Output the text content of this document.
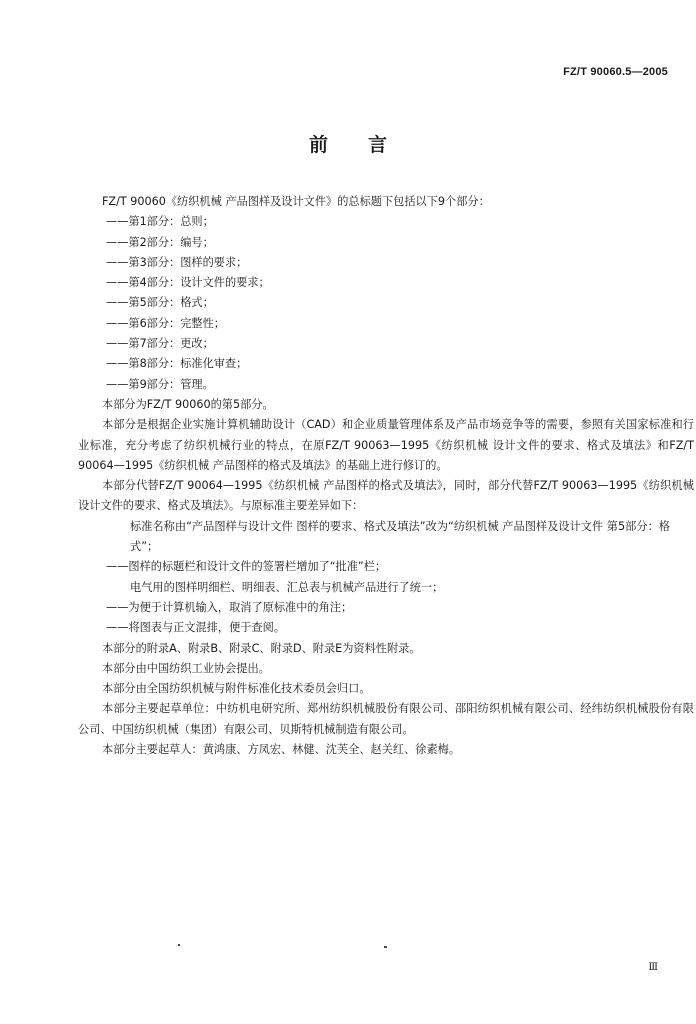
FZ/T 90060.5—2005
前言
FZ/T 90060《纺织机械 产品图样及设计文件》的总标题下包括以下9个部分：
——第1部分：总则；
——第2部分：编号；
——第3部分：图样的要求；
——第4部分：设计文件的要求；
——第5部分：格式；
——第6部分：完整性；
——第7部分：更改；
——第8部分：标准化审查；
——第9部分：管理。
本部分为FZ/T 90060的第5部分。
本部分是根据企业实施计算机辅助设计（CAD）和企业质量管理体系及产品市场竞争等的需要，参照有关国家标准和行业标准，充分考虑了纺织机械行业的特点，在原FZ/T 90063—1995《纺织机械 设计文件的要求、格式及填法》和FZ/T 90064—1995《纺织机械 产品图样的格式及填法》的基础上进行修订的。
本部分代替FZ/T 90064—1995《纺织机械 产品图样的格式及填法》，同时，部分代替FZ/T 90063—1995《纺织机械 设计文件的要求、格式及填法》。与原标准主要差异如下：
标准名称由“产品图样与设计文件 图样的要求、格式及填法”改为“纺织机械 产品图样及设计文件 第5部分：格式”；
——图样的标题栏和设计文件的签署栏增加了“批准”栏；
电气用的图样明细栏、明细表、汇总表与机械产品进行了统一；
——为便于计算机输入，取消了原标准中的角注；
——将图表与正文混排，便于查阅。
本部分的附录A、附录B、附录C、附录D、附录E为资料性附录。
本部分由中国纺织工业协会提出。
本部分由全国纺织机械与附件标准化技术委员会归口。
本部分主要起草单位：中纺机电研究所、郑州纺织机械股份有限公司、邵阳纺织机械有限公司、经纬纺织机械股份有限公司、中国纺织机械（集团）有限公司、贝斯特机械制造有限公司。
本部分主要起草人：黄鸿康、方凤宏、林健、沈芙全、赵关红、徐素梅。
Ⅲ
